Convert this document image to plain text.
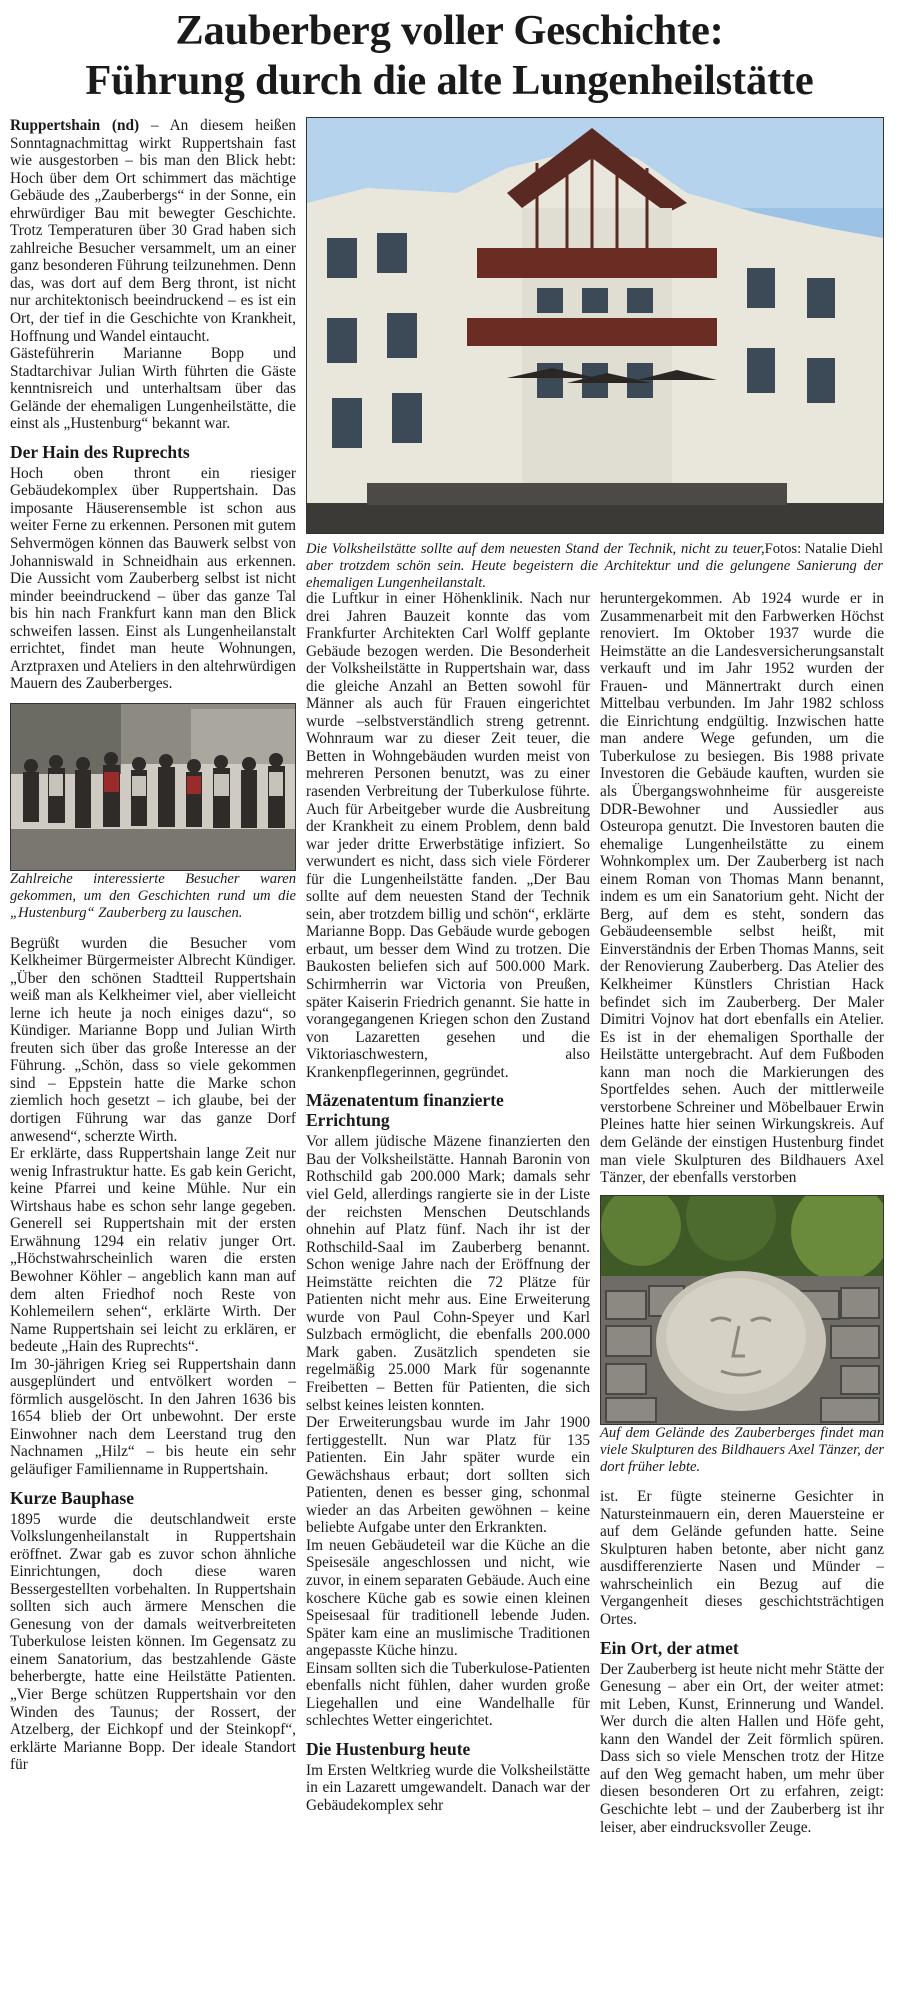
Zauberberg voller Geschichte:
Führung durch die alte Lungenheilstätte

Ruppertshain (nd) – An diesem heißen Sonntagnachmittag wirkt Ruppertshain fast wie ausgestorben – bis man den Blick hebt: Hoch über dem Ort schimmert das mächtige Gebäude des „Zauberbergs“ in der Sonne, ein ehrwürdiger Bau mit bewegter Geschichte. Trotz Temperaturen über 30 Grad haben sich zahlreiche Besucher versammelt, um an einer ganz besonderen Führung teilzunehmen. Denn das, was dort auf dem Berg thront, ist nicht nur architektonisch beeindruckend – es ist ein Ort, der tief in die Geschichte von Krankheit, Hoffnung und Wandel eintaucht.

Gästeführerin Marianne Bopp und Stadtarchivar Julian Wirth führten die Gäste kenntnisreich und unterhaltsam über das Gelände der ehemaligen Lungenheilstätte, die einst als „Hustenburg“ bekannt war.

Der Hain des Ruprechts

Hoch oben thront ein riesiger Gebäudekomplex über Ruppertshain. Das imposante Häuserensemble ist schon aus weiter Ferne zu erkennen. Personen mit gutem Sehvermögen können das Bauwerk selbst von Johanniswald in Schneidhain aus erkennen. Die Aussicht vom Zauberberg selbst ist nicht minder beeindruckend – über das ganze Tal bis hin nach Frankfurt kann man den Blick schweifen lassen. Einst als Lungenheilanstalt errichtet, findet man heute Wohnungen, Arztpraxen und Ateliers in den altehrwürdigen Mauern des Zauberberges.

Zahlreiche interessierte Besucher waren gekommen, um den Geschichten rund um die „Hustenburg“ Zauberberg zu lauschen.

Begrüßt wurden die Besucher vom Kelkheimer Bürgermeister Albrecht Kündiger. „Über den schönen Stadtteil Ruppertshain weiß man als Kelkheimer viel, aber vielleicht lerne ich heute ja noch einiges dazu“, so Kündiger. Marianne Bopp und Julian Wirth freuten sich über das große Interesse an der Führung. „Schön, dass so viele gekommen sind – Eppstein hatte die Marke schon ziemlich hoch gesetzt – ich glaube, bei der dortigen Führung war das ganze Dorf anwesend“, scherzte Wirth.

Er erklärte, dass Ruppertshain lange Zeit nur wenig Infrastruktur hatte. Es gab kein Gericht, keine Pfarrei und keine Mühle. Nur ein Wirtshaus habe es schon sehr lange gegeben. Generell sei Ruppertshain mit der ersten Erwähnung 1294 ein relativ junger Ort. „Höchstwahrscheinlich waren die ersten Bewohner Köhler – angeblich kann man auf dem alten Friedhof noch Reste von Kohlemeilern sehen“, erklärte Wirth. Der Name Ruppertshain sei leicht zu erklären, er bedeute „Hain des Ruprechts“.

Im 30-jährigen Krieg sei Ruppertshain dann ausgeplündert und entvölkert worden – förmlich ausgelöscht. In den Jahren 1636 bis 1654 blieb der Ort unbewohnt. Der erste Einwohner nach dem Leerstand trug den Nachnamen „Hilz“ – bis heute ein sehr geläufiger Familienname in Ruppertshain.

Kurze Bauphase

1895 wurde die deutschlandweit erste Volkslungenheilanstalt in Ruppertshain eröffnet. Zwar gab es zuvor schon ähnliche Einrichtungen, doch diese waren Bessergestellten vorbehalten. In Ruppertshain sollten sich auch ärmere Menschen die Genesung von der damals weitverbreiteten Tuberkulose leisten können. Im Gegensatz zu einem Sanatorium, das bestzahlende Gäste beherbergte, hatte eine Heilstätte Patienten. „Vier Berge schützen Ruppertshain vor den Winden des Taunus; der Rossert, der Atzelberg, der Eichkopf und der Steinkopf“, erklärte Marianne Bopp. Der ideale Standort für

Fotos: Natalie Diehl
Die Volksheilstätte sollte auf dem neuesten Stand der Technik, nicht zu teuer, aber trotzdem schön sein. Heute begeistern die Architektur und die gelungene Sanierung der ehemaligen Lungenheilanstalt.

die Luftkur in einer Höhenklinik. Nach nur drei Jahren Bauzeit konnte das vom Frankfurter Architekten Carl Wolff geplante Gebäude bezogen werden. Die Besonderheit der Volksheilstätte in Ruppertshain war, dass die gleiche Anzahl an Betten sowohl für Männer als auch für Frauen eingerichtet wurde –selbstverständlich streng getrennt. Wohnraum war zu dieser Zeit teuer, die Betten in Wohngebäuden wurden meist von mehreren Personen benutzt, was zu einer rasenden Verbreitung der Tuberkulose führte. Auch für Arbeitgeber wurde die Ausbreitung der Krankheit zu einem Problem, denn bald war jeder dritte Erwerbstätige infiziert. So verwundert es nicht, dass sich viele Förderer für die Lungenheilstätte fanden. „Der Bau sollte auf dem neuesten Stand der Technik sein, aber trotzdem billig und schön“, erklärte Marianne Bopp. Das Gebäude wurde gebogen erbaut, um besser dem Wind zu trotzen. Die Baukosten beliefen sich auf 500.000 Mark. Schirmherrin war Victoria von Preußen, später Kaiserin Friedrich genannt. Sie hatte in vorangegangenen Kriegen schon den Zustand von Lazaretten gesehen und die Viktoriaschwestern, also Krankenpflegerinnen, gegründet.

Mäzenatentum finanzierte Errichtung

Vor allem jüdische Mäzene finanzierten den Bau der Volksheilstätte. Hannah Baronin von Rothschild gab 200.000 Mark; damals sehr viel Geld, allerdings rangierte sie in der Liste der reichsten Menschen Deutschlands ohnehin auf Platz fünf. Nach ihr ist der Rothschild-Saal im Zauberberg benannt. Schon wenige Jahre nach der Eröffnung der Heimstätte reichten die 72 Plätze für Patienten nicht mehr aus. Eine Erweiterung wurde von Paul Cohn-Speyer und Karl Sulzbach ermöglicht, die ebenfalls 200.000 Mark gaben. Zusätzlich spendeten sie regelmäßig 25.000 Mark für sogenannte Freibetten – Betten für Patienten, die sich selbst keines leisten konnten.

Der Erweiterungsbau wurde im Jahr 1900 fertiggestellt. Nun war Platz für 135 Patienten. Ein Jahr später wurde ein Gewächshaus erbaut; dort sollten sich Patienten, denen es besser ging, schonmal wieder an das Arbeiten gewöhnen – keine beliebte Aufgabe unter den Erkrankten.

Im neuen Gebäudeteil war die Küche an die Speisesäle angeschlossen und nicht, wie zuvor, in einem separaten Gebäude. Auch eine koschere Küche gab es sowie einen kleinen Speisesaal für traditionell lebende Juden. Später kam eine an muslimische Traditionen angepasste Küche hinzu.

Einsam sollten sich die Tuberkulose-Patienten ebenfalls nicht fühlen, daher wurden große Liegehallen und eine Wandelhalle für schlechtes Wetter eingerichtet.

Die Hustenburg heute

Im Ersten Weltkrieg wurde die Volksheilstätte in ein Lazarett umgewandelt. Danach war der Gebäudekomplex sehr

heruntergekommen. Ab 1924 wurde er in Zusammenarbeit mit den Farbwerken Höchst renoviert. Im Oktober 1937 wurde die Heimstätte an die Landesversicherungsanstalt verkauft und im Jahr 1952 wurden der Frauen- und Männertrakt durch einen Mittelbau verbunden. Im Jahr 1982 schloss die Einrichtung endgültig. Inzwischen hatte man andere Wege gefunden, um die Tuberkulose zu besiegen. Bis 1988 private Investoren die Gebäude kauften, wurden sie als Übergangswohnheime für ausgereiste DDR-Bewohner und Aussiedler aus Osteuropa genutzt. Die Investoren bauten die ehemalige Lungenheilstätte zu einem Wohnkomplex um. Der Zauberberg ist nach einem Roman von Thomas Mann benannt, indem es um ein Sanatorium geht. Nicht der Berg, auf dem es steht, sondern das Gebäudeensemble selbst heißt, mit Einverständnis der Erben Thomas Manns, seit der Renovierung Zauberberg. Das Atelier des Kelkheimer Künstlers Christian Hack befindet sich im Zauberberg. Der Maler Dimitri Vojnov hat dort ebenfalls ein Atelier. Es ist in der ehemaligen Sporthalle der Heilstätte untergebracht. Auf dem Fußboden kann man noch die Markierungen des Sportfeldes sehen. Auch der mittlerweile verstorbene Schreiner und Möbelbauer Erwin Pleines hatte hier seinen Wirkungskreis. Auf dem Gelände der einstigen Hustenburg findet man viele Skulpturen des Bildhauers Axel Tänzer, der ebenfalls verstorben

Auf dem Gelände des Zauberberges findet man viele Skulpturen des Bildhauers Axel Tänzer, der dort früher lebte.

ist. Er fügte steinerne Gesichter in Natursteinmauern ein, deren Mauersteine er auf dem Gelände gefunden hatte. Seine Skulpturen haben betonte, aber nicht ganz ausdifferenzierte Nasen und Münder – wahrscheinlich ein Bezug auf die Vergangenheit dieses geschichtsträchtigen Ortes.

Ein Ort, der atmet

Der Zauberberg ist heute nicht mehr Stätte der Genesung – aber ein Ort, der weiter atmet: mit Leben, Kunst, Erinnerung und Wandel. Wer durch die alten Hallen und Höfe geht, kann den Wandel der Zeit förmlich spüren. Dass sich so viele Menschen trotz der Hitze auf den Weg gemacht haben, um mehr über diesen besonderen Ort zu erfahren, zeigt: Geschichte lebt – und der Zauberberg ist ihr leiser, aber eindrucksvoller Zeuge.
